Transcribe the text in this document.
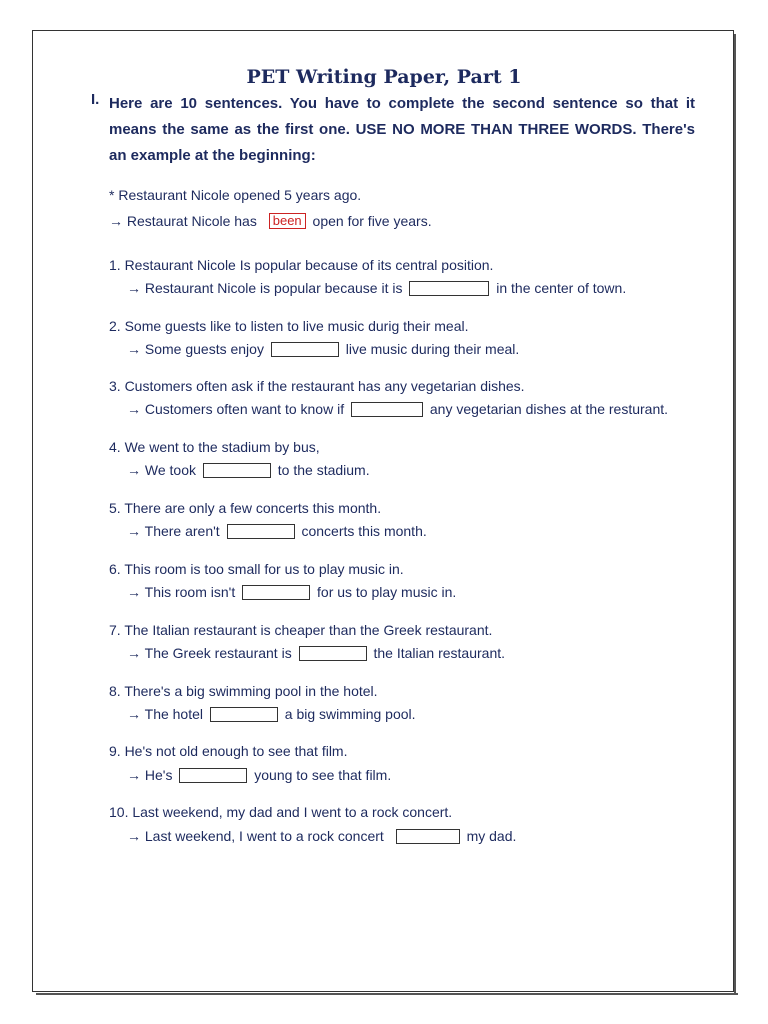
PET Writing Paper, Part 1
I. Here are 10 sentences. You have to complete the second sentence so that it means the same as the first one. USE NO MORE THAN THREE WORDS. There's an example at the beginning:
* Restaurant Nicole opened 5 years ago.
→ Restaurat Nicole has been open for five years.
1. Restaurant Nicole Is popular because of its central position.
→ Restaurant Nicole is popular because it is	in the center of town.
2. Some guests like to listen to live music durig their meal.
→ Some guests enjoy	live music during their meal.
3. Customers often ask if the restaurant has any vegetarian dishes.
→ Customers often want to know if	any vegetarian dishes at the resturant.
4. We went to the stadium by bus,
→ We took	to the stadium.
5. There are only a few concerts this month.
→ There aren't	concerts this month.
6. This room is too small for us to play music in.
→ This room isn't	for us to play music in.
7. The Italian restaurant is cheaper than the Greek restaurant.
→ The Greek restaurant is	the Italian restaurant.
8. There's a big swimming pool in the hotel.
→ The hotel	a big swimming pool.
9. He's not old enough to see that film.
→ He's	young to see that film.
10. Last weekend, my dad and I went to a rock concert.
→ Last weekend, I went to a rock concert	my dad.
